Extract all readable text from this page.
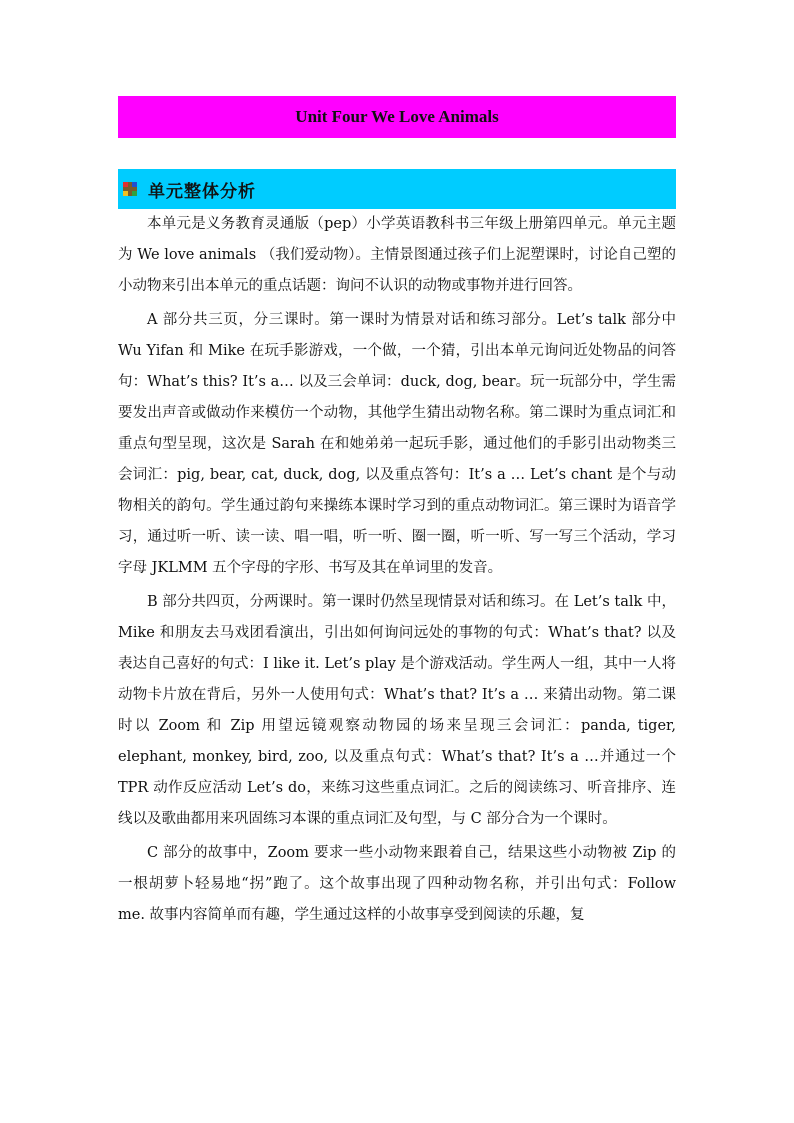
Unit Four We Love Animals
单元整体分析

本单元是义务教育灵通版（pep）小学英语教科书三年级上册第四单元。单元主题为 We love animals （我们爱动物）。主情景图通过孩子们上泥塑课时，讨论自己塑的小动物来引出本单元的重点话题：询问不认识的动物或事物并进行回答。

A 部分共三页，分三课时。第一课时为情景对话和练习部分。Let’s talk 部分中 Wu Yifan 和 Mike 在玩手影游戏，一个做，一个猜，引出本单元询问近处物品的问答句：What’s this? It’s a… 以及三会单词：duck, dog, bear。玩一玩部分中，学生需要发出声音或做动作来模仿一个动物，其他学生猜出动物名称。第二课时为重点词汇和重点句型呈现，这次是 Sarah 在和她弟弟一起玩手影，通过他们的手影引出动物类三会词汇：pig, bear, cat, duck, dog, 以及重点答句：It’s a … Let’s chant 是个与动物相关的韵句。学生通过韵句来操练本课时学习到的重点动物词汇。第三课时为语音学习，通过听一听、读一读、唱一唱，听一听、圈一圈，听一听、写一写三个活动，学习字母 JKLMM 五个字母的字形、书写及其在单词里的发音。

B 部分共四页，分两课时。第一课时仍然呈现情景对话和练习。在 Let’s talk 中，Mike 和朋友去马戏团看演出，引出如何询问远处的事物的句式：What’s that? 以及表达自己喜好的句式：I like it. Let’s play 是个游戏活动。学生两人一组，其中一人将动物卡片放在背后，另外一人使用句式：What’s that? It’s a … 来猜出动物。第二课时以 Zoom 和 Zip 用望远镜观察动物园的场来呈现三会词汇：panda, tiger, elephant, monkey, bird, zoo, 以及重点句式：What’s that? It’s a …并通过一个 TPR 动作反应活动 Let’s do，来练习这些重点词汇。之后的阅读练习、听音排序、连线以及歌曲都用来巩固练习本课的重点词汇及句型，与 C 部分合为一个课时。

C 部分的故事中，Zoom 要求一些小动物来跟着自己，结果这些小动物被 Zip 的一根胡萝卜轻易地“拐”跑了。这个故事出现了四种动物名称，并引出句式：Follow me. 故事内容简单而有趣，学生通过这样的小故事享受到阅读的乐趣，复
